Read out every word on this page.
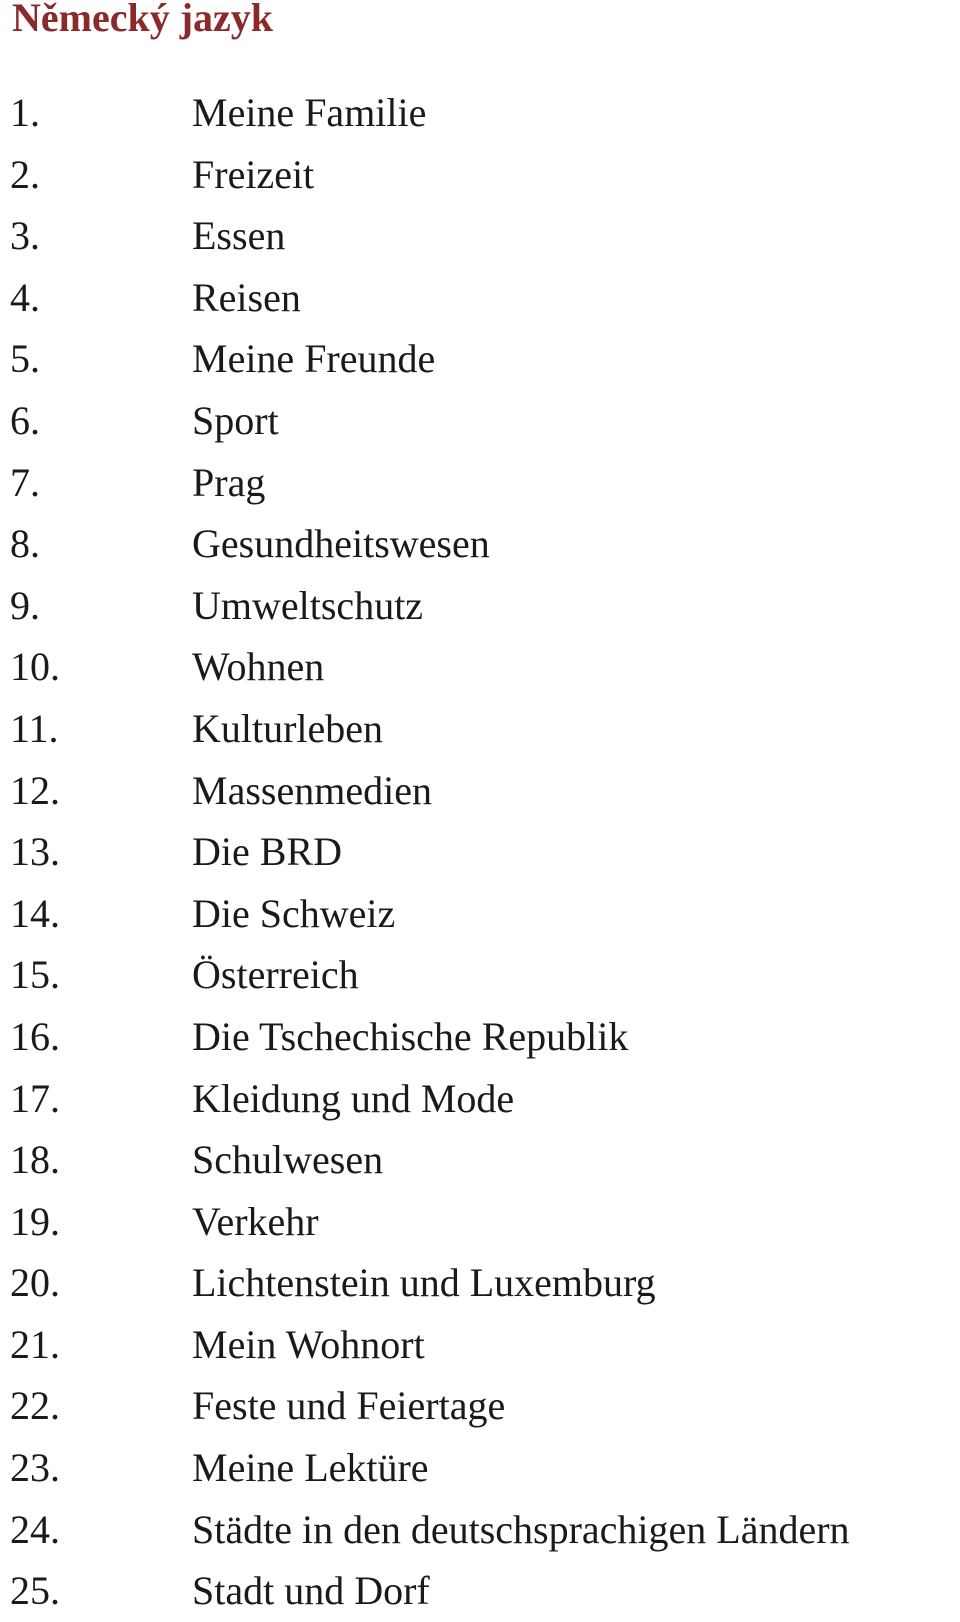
Německý jazyk
1.	Meine Familie
2.	Freizeit
3.	Essen
4.	Reisen
5.	Meine Freunde
6.	Sport
7.	Prag
8.	Gesundheitswesen
9.	Umweltschutz
10.	Wohnen
11.	Kulturleben
12.	Massenmedien
13.	Die BRD
14.	Die Schweiz
15.	Österreich
16.	Die Tschechische Republik
17.	Kleidung und Mode
18.	Schulwesen
19.	Verkehr
20.	Lichtenstein und Luxemburg
21.	Mein Wohnort
22.	Feste und Feiertage
23.	Meine Lektüre
24.	Städte in den deutschsprachigen Ländern
25.	Stadt und Dorf
